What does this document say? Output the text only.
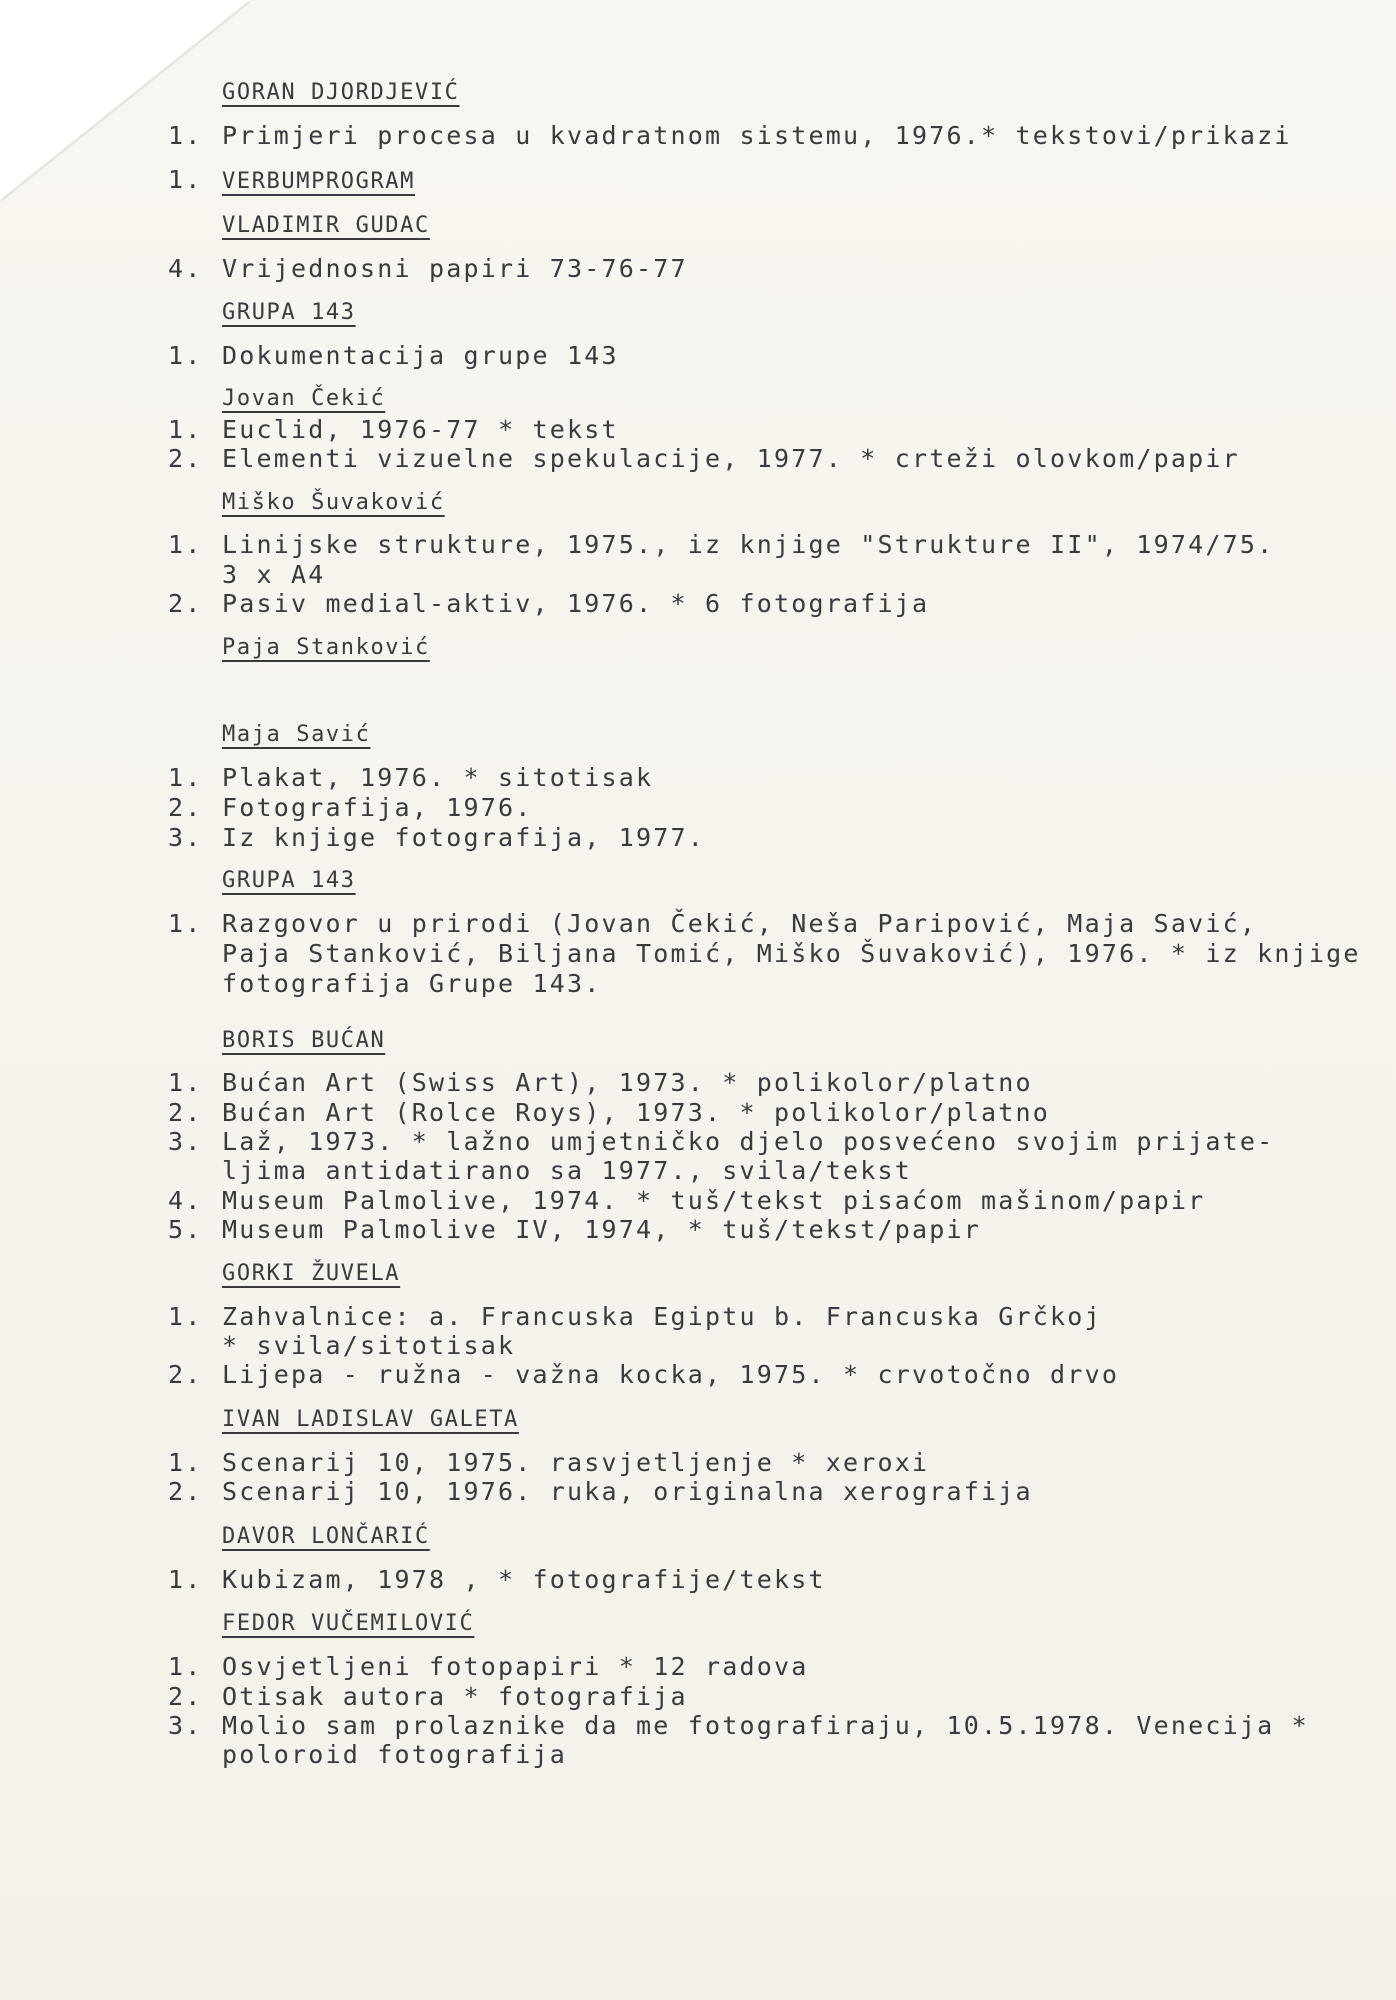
GORAN DJORDJEVIĆ
1. Primjeri procesa u kvadratnom sistemu, 1976.* tekstovi/prikazi
1. VERBUMPROGRAM
VLADIMIR GUDAC
4. Vrijednosni papiri 73-76-77
GRUPA 143
1. Dokumentacija grupe 143
Jovan Čekić
1. Euclid, 1976-77 * tekst
2. Elementi vizuelne spekulacije, 1977. * crteži olovkom/papir
Miško Šuvaković
1. Linijske strukture, 1975., iz knjige "Strukture II", 1974/75.
3 x A4
2. Pasiv medial-aktiv, 1976. * 6 fotografija
Paja Stanković
Maja Savić
1. Plakat, 1976. * sitotisak
2. Fotografija, 1976.
3. Iz knjige fotografija, 1977.
GRUPA 143
1. Razgovor u prirodi (Jovan Čekić, Neša Paripović, Maja Savić,
Paja Stanković, Biljana Tomić, Miško Šuvaković), 1976. * iz knjige
fotografija Grupe 143.
BORIS BUĆAN
1. Bućan Art (Swiss Art), 1973. * polikolor/platno
2. Bućan Art (Rolce Roys), 1973. * polikolor/platno
3. Laž, 1973. * lažno umjetničko djelo posvećeno svojim prijate-
ljima antidatirano sa 1977., svila/tekst
4. Museum Palmolive, 1974. * tuš/tekst pisaćom mašinom/papir
5. Museum Palmolive IV, 1974, * tuš/tekst/papir
GORKI ŽUVELA
1. Zahvalnice: a. Francuska Egiptu b. Francuska Grčkoj
* svila/sitotisak
2. Lijepa - ružna - važna kocka, 1975. * crvotočno drvo
IVAN LADISLAV GALETA
1. Scenarij 10, 1975. rasvjetljenje * xeroxi
2. Scenarij 10, 1976. ruka, originalna xerografija
DAVOR LONČARIĆ
1. Kubizam, 1978 , * fotografije/tekst
FEDOR VUČEMILOVIĆ
1. Osvjetljeni fotopapiri * 12 radova
2. Otisak autora * fotografija
3. Molio sam prolaznike da me fotografiraju, 10.5.1978. Venecija *
poloroid fotografija
